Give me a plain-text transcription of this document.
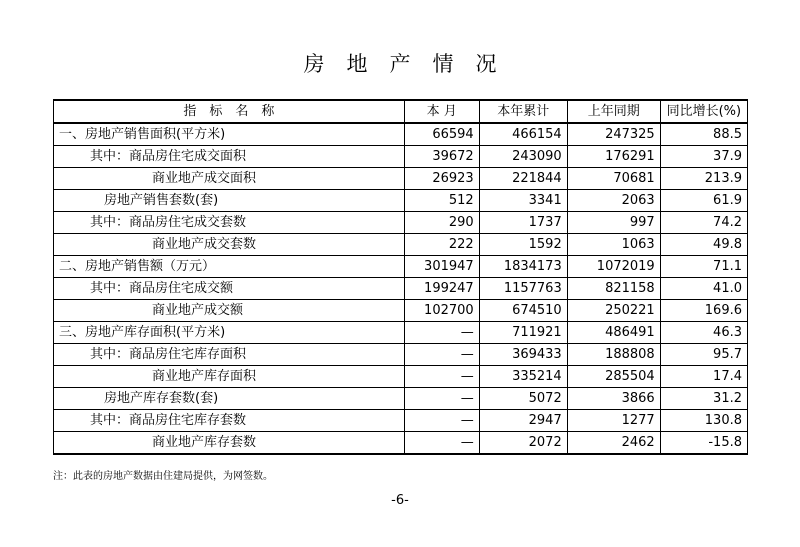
房地产情况
指　标　名　称	本 月	本年累计	上年同期	同比增长(%)
一、房地产销售面积(平方米)	66594	466154	247325	88.5
其中：商品房住宅成交面积	39672	243090	176291	37.9
商业地产成交面积	26923	221844	70681	213.9
房地产销售套数(套)	512	3341	2063	61.9
其中：商品房住宅成交套数	290	1737	997	74.2
商业地产成交套数	222	1592	1063	49.8
二、房地产销售额（万元）	301947	1834173	1072019	71.1
其中：商品房住宅成交额	199247	1157763	821158	41.0
商业地产成交额	102700	674510	250221	169.6
三、房地产库存面积(平方米)	—	711921	486491	46.3
其中：商品房住宅库存面积	—	369433	188808	95.7
商业地产库存面积	—	335214	285504	17.4
房地产库存套数(套)	—	5072	3866	31.2
其中：商品房住宅库存套数	—	2947	1277	130.8
商业地产库存套数	—	2072	2462	-15.8
注：此表的房地产数据由住建局提供，为网签数。
-6-
